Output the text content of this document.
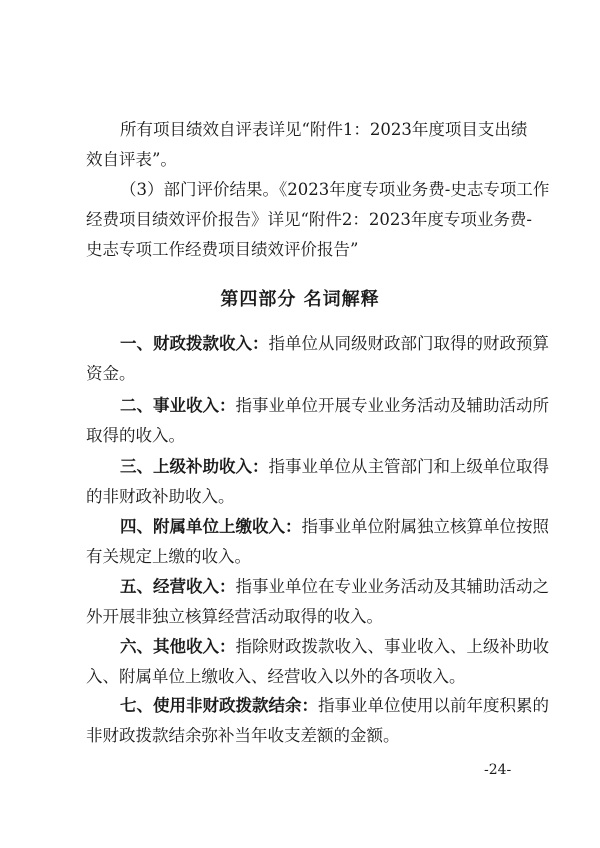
所有项目绩效自评表详见“附件1：2023年度项目支出绩

效自评表”。

（3）部门评价结果。《2023年度专项业务费-史志专项工作

经费项目绩效评价报告》详见“附件2：2023年度专项业务费-

史志专项工作经费项目绩效评价报告”

第四部分 名词解释

一、财政拨款收入：指单位从同级财政部门取得的财政预算

资金。

二、事业收入：指事业单位开展专业业务活动及辅助活动所

取得的收入。

三、上级补助收入：指事业单位从主管部门和上级单位取得

的非财政补助收入。

四、附属单位上缴收入：指事业单位附属独立核算单位按照

有关规定上缴的收入。

五、经营收入：指事业单位在专业业务活动及其辅助活动之

外开展非独立核算经营活动取得的收入。

六、其他收入：指除财政拨款收入、事业收入、上级补助收

入、附属单位上缴收入、经营收入以外的各项收入。

七、使用非财政拨款结余：指事业单位使用以前年度积累的

非财政拨款结余弥补当年收支差额的金额。

-24-
